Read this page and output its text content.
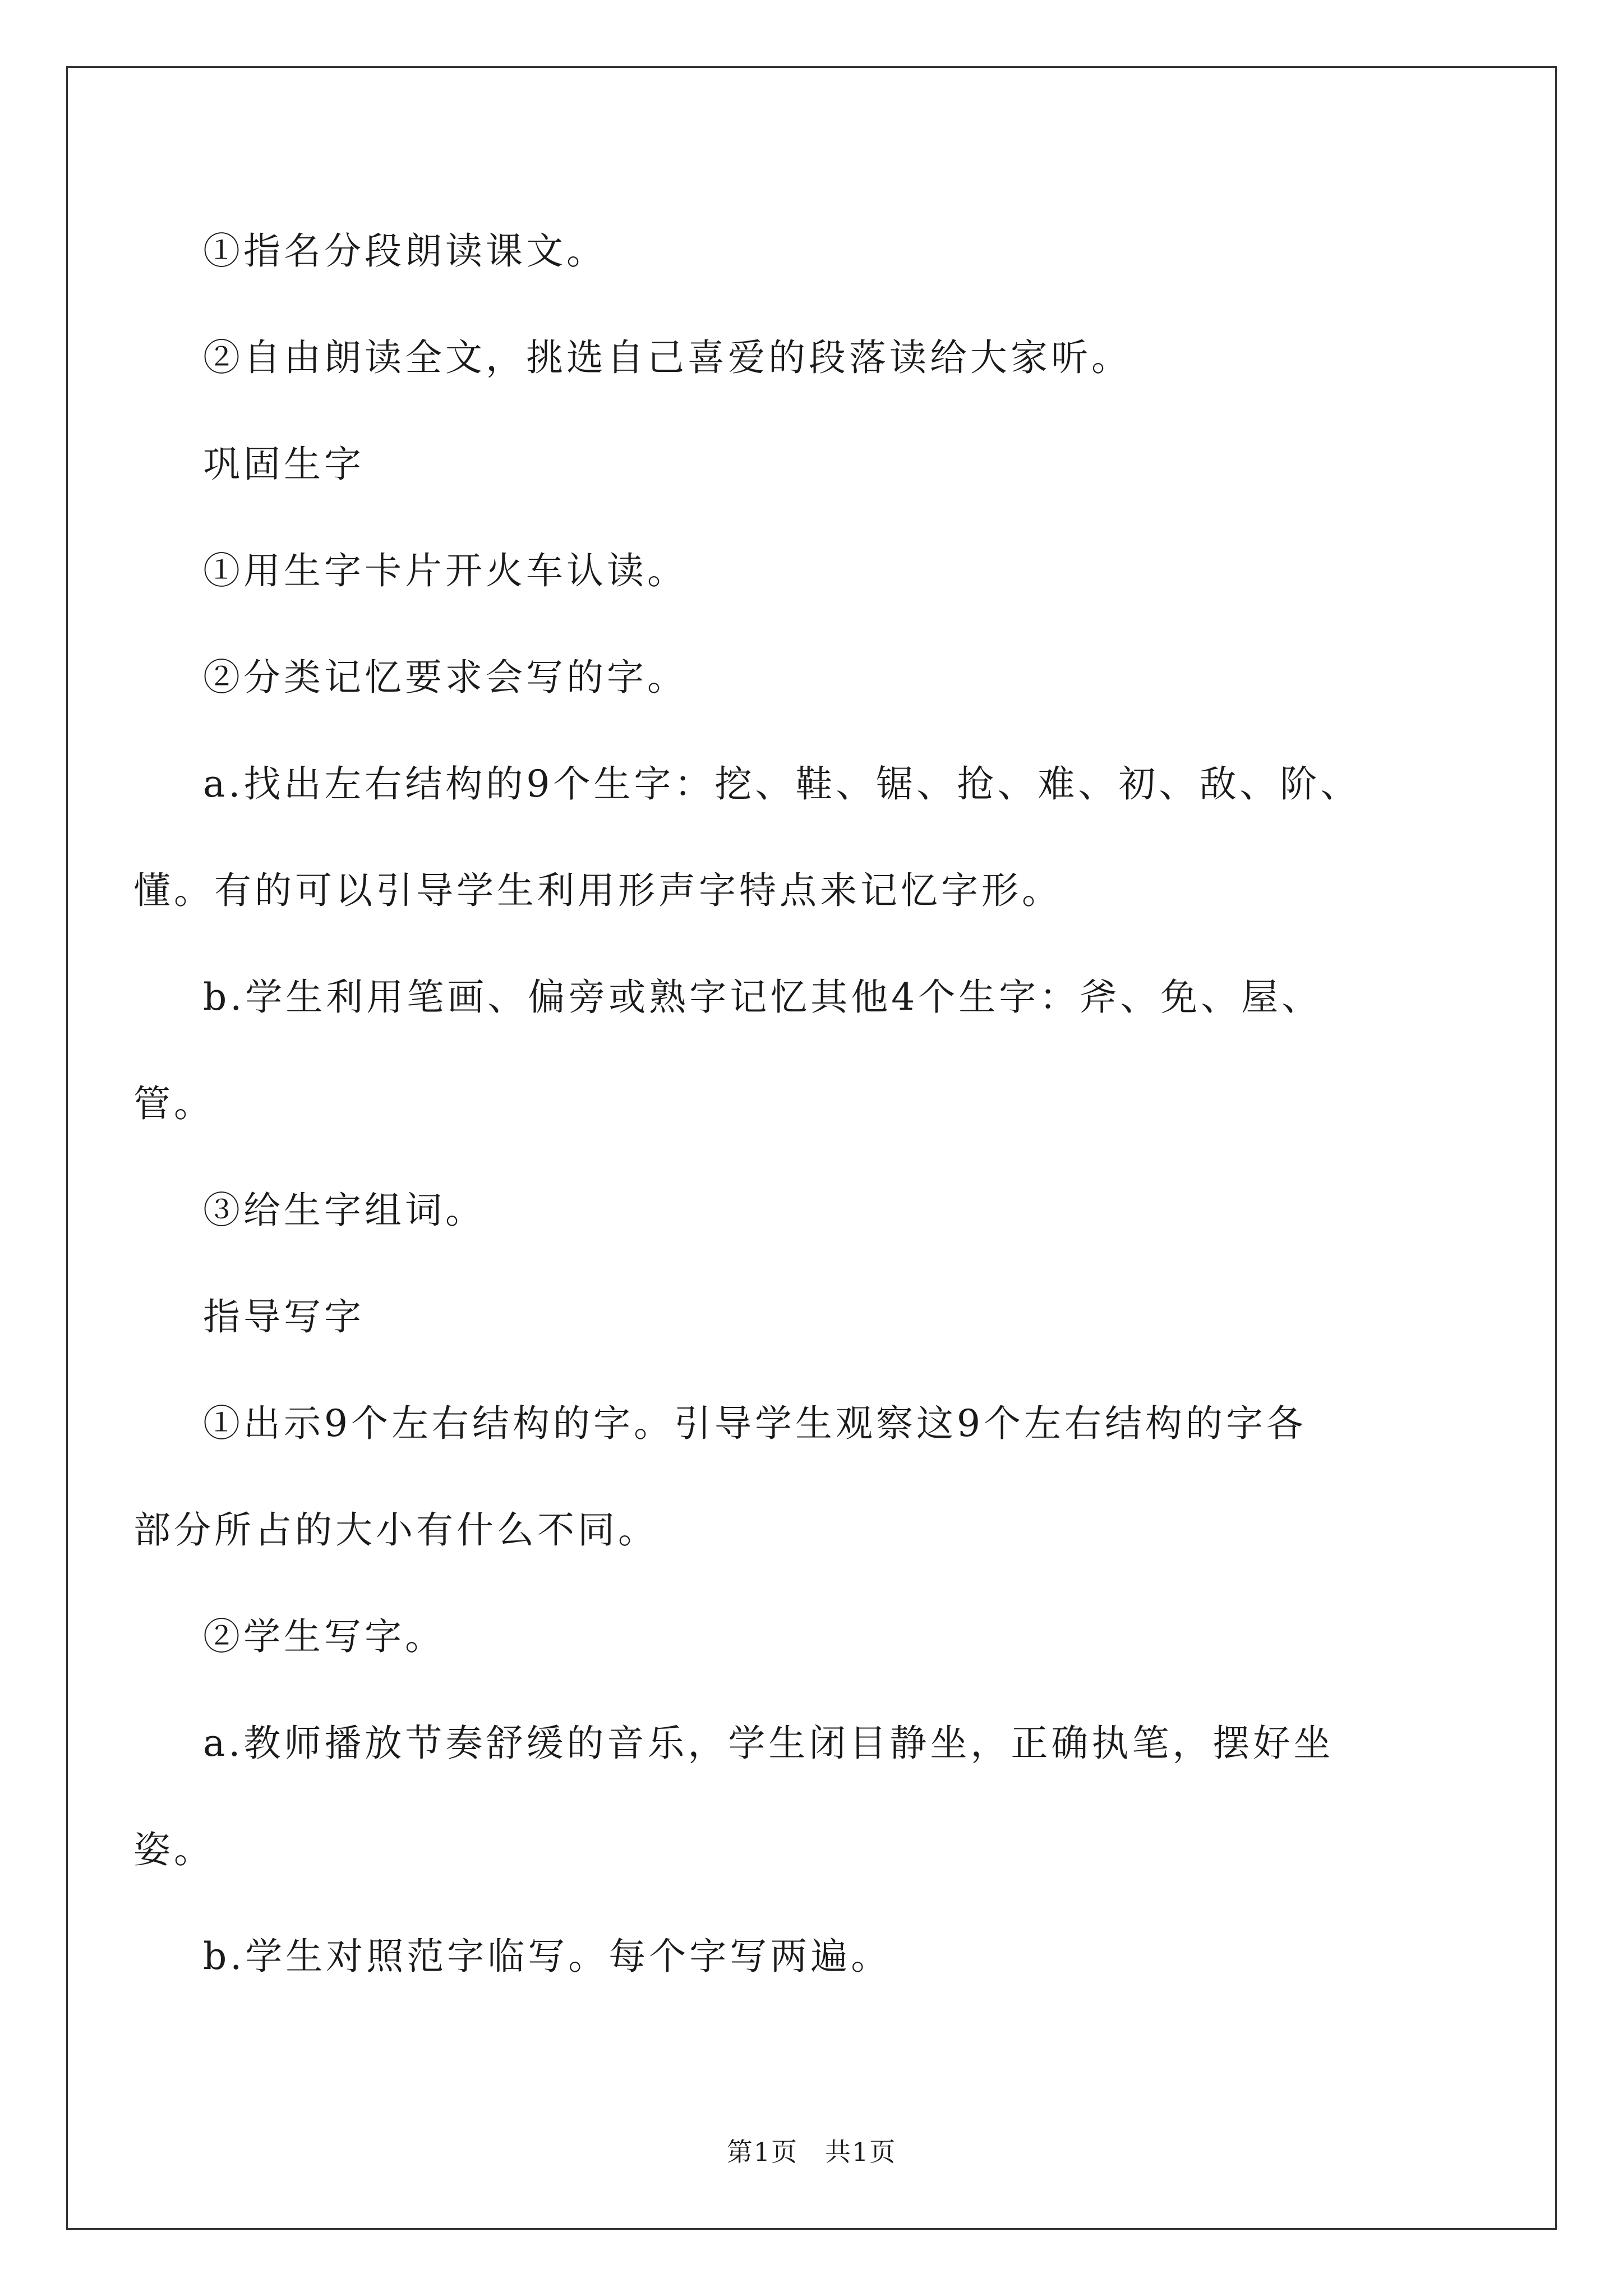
①指名分段朗读课文。
②自由朗读全文，挑选自己喜爱的段落读给大家听。
巩固生字
①用生字卡片开火车认读。
②分类记忆要求会写的字。
a.找出左右结构的9个生字：挖、鞋、锯、抢、难、初、敌、阶、
懂。有的可以引导学生利用形声字特点来记忆字形。
b.学生利用笔画、偏旁或熟字记忆其他4个生字：斧、免、屋、
管。
③给生字组词。
指导写字
①出示9个左右结构的字。引导学生观察这9个左右结构的字各
部分所占的大小有什么不同。
②学生写字。
a.教师播放节奏舒缓的音乐，学生闭目静坐，正确执笔，摆好坐
姿。
b.学生对照范字临写。每个字写两遍。
第1页　共1页
